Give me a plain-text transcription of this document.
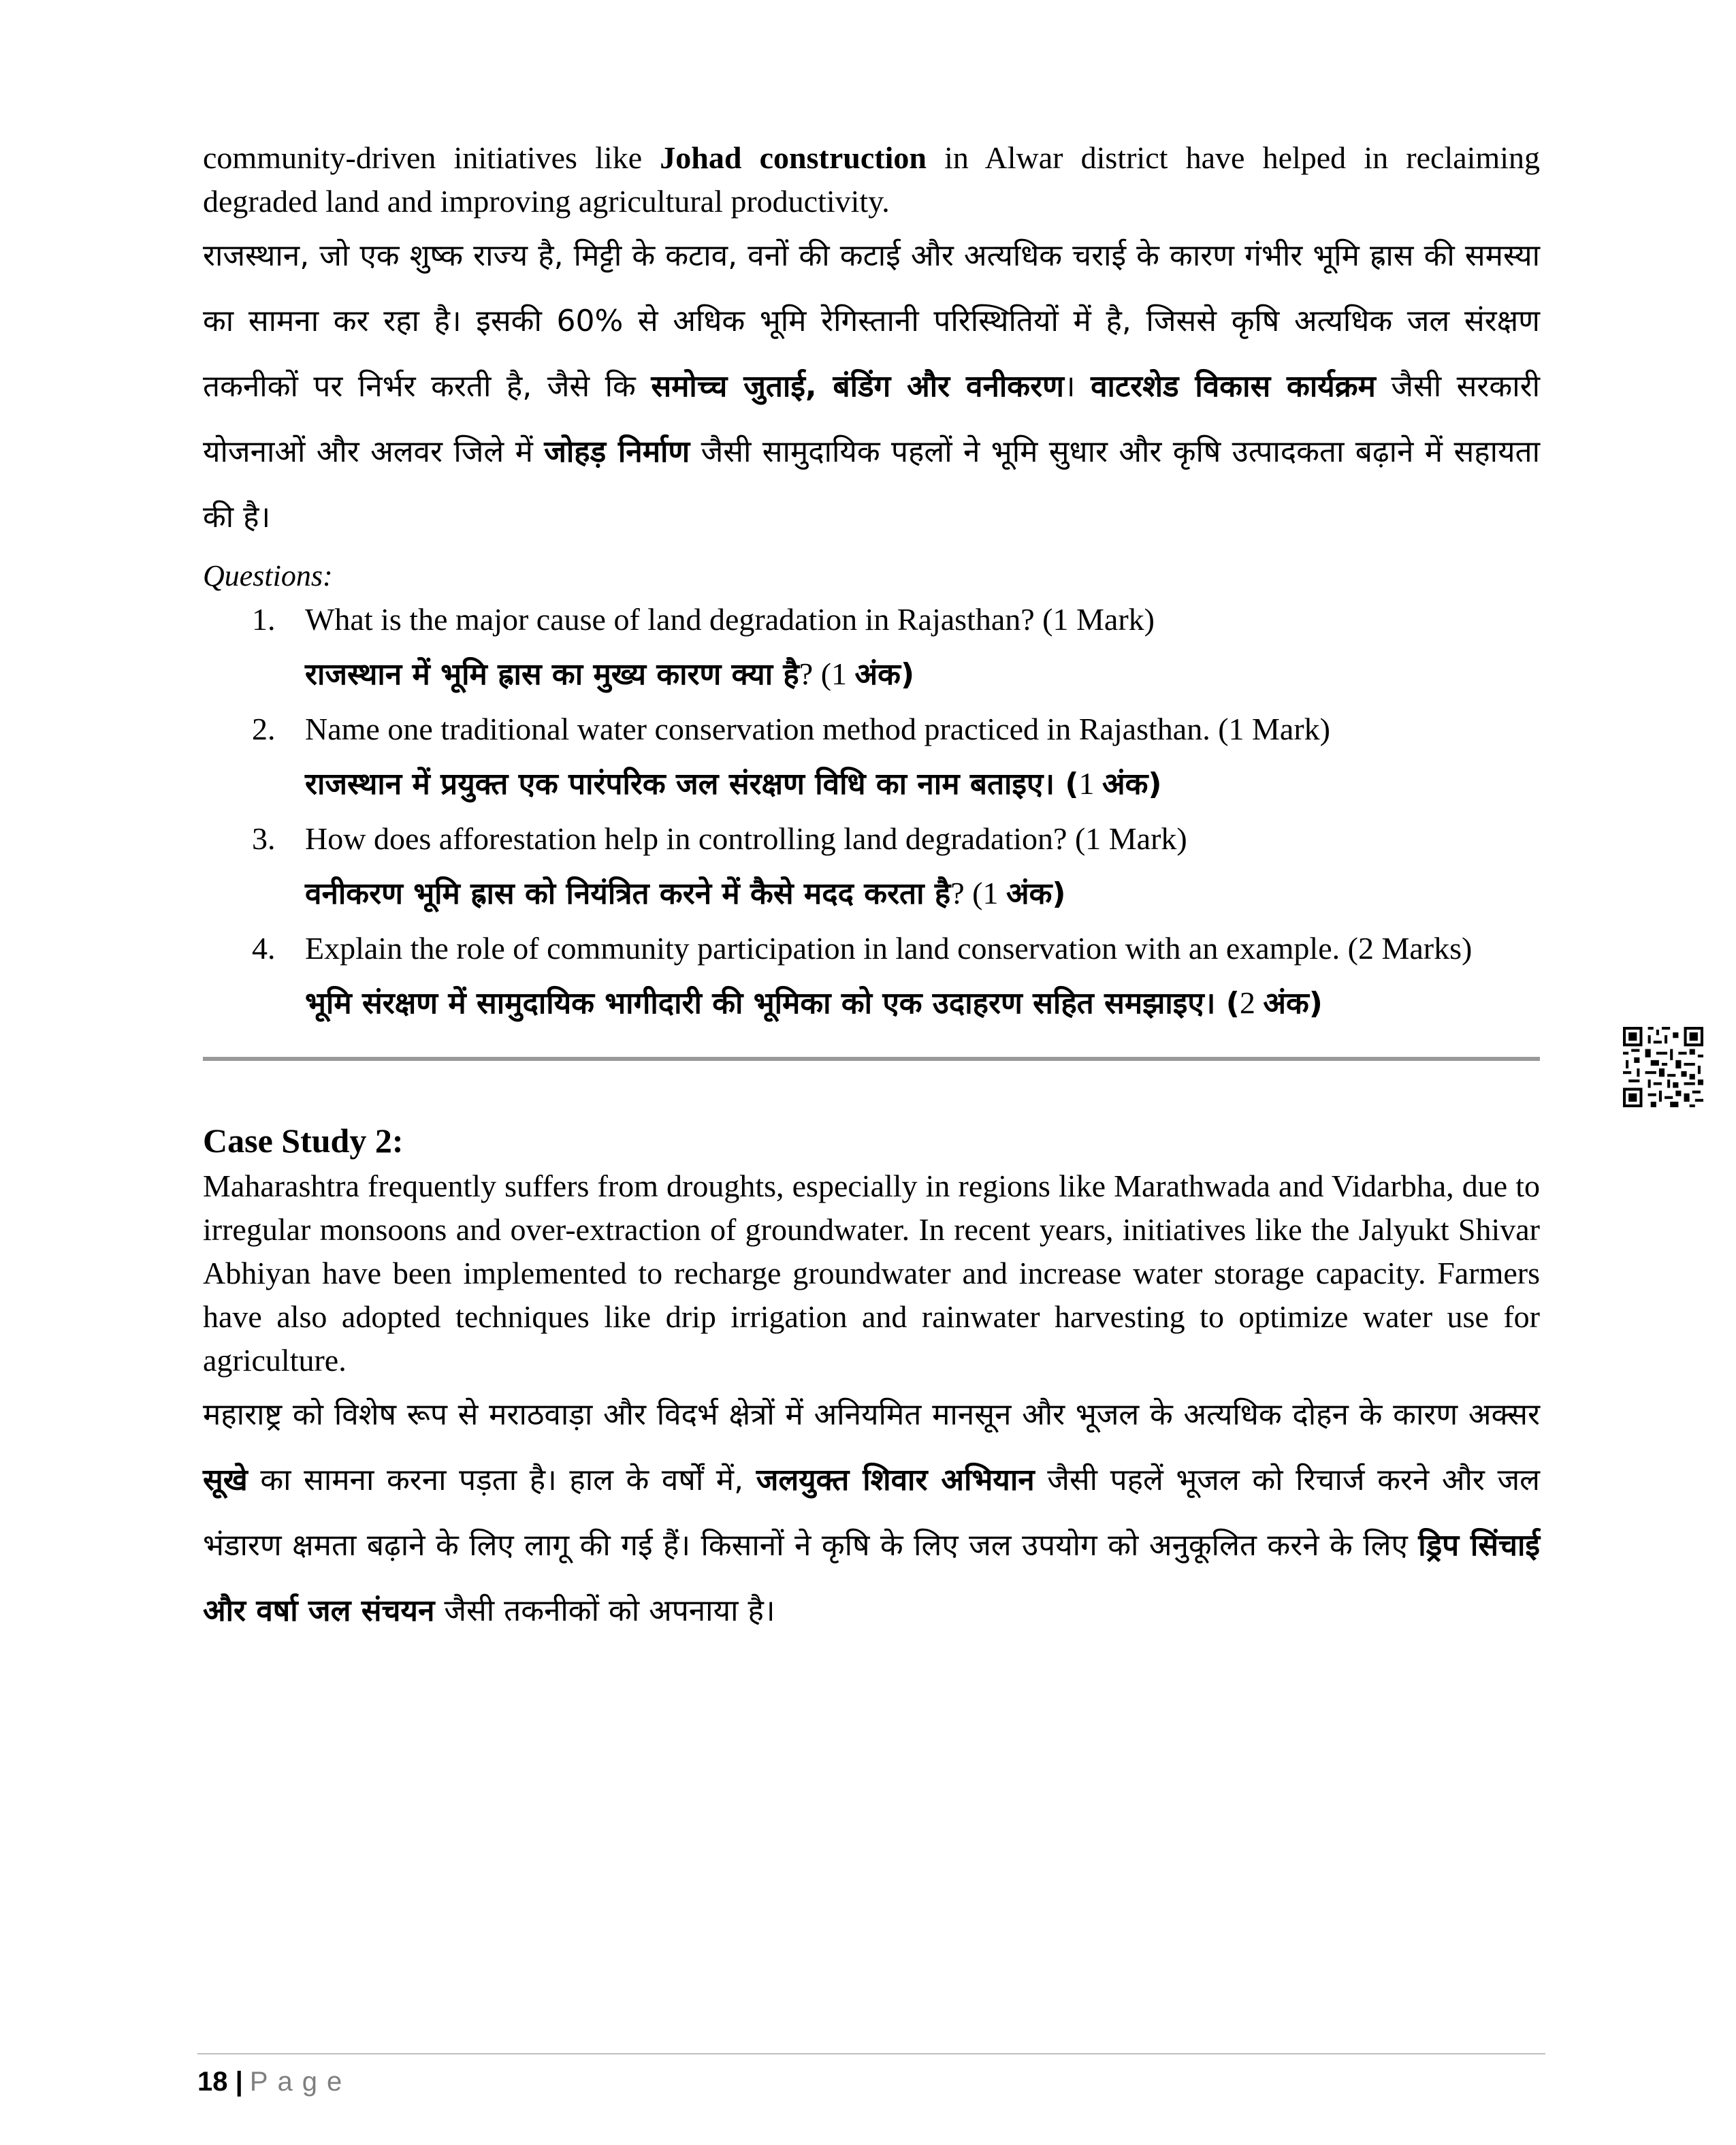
community-driven initiatives like Johad construction in Alwar district have helped in reclaiming degraded land and improving agricultural productivity.

राजस्थान, जो एक शुष्क राज्य है, मिट्टी के कटाव, वनों की कटाई और अत्यधिक चराई के कारण गंभीर भूमि ह्रास की समस्या का सामना कर रहा है। इसकी 60% से अधिक भूमि रेगिस्तानी परिस्थितियों में है, जिससे कृषि अत्यधिक जल संरक्षण तकनीकों पर निर्भर करती है, जैसे कि समोच्च जुताई, बंडिंग और वनीकरण। वाटरशेड विकास कार्यक्रम जैसी सरकारी योजनाओं और अलवर जिले में जोहड़ निर्माण जैसी सामुदायिक पहलों ने भूमि सुधार और कृषि उत्पादकता बढ़ाने में सहायता की है।

Questions:
1. What is the major cause of land degradation in Rajasthan? (1 Mark)

राजस्थान में भूमि ह्रास का मुख्य कारण क्या है? (1 अंक)

2. Name one traditional water conservation method practiced in Rajasthan. (1 Mark)

राजस्थान में प्रयुक्त एक पारंपरिक जल संरक्षण विधि का नाम बताइए। (1 अंक)

3. How does afforestation help in controlling land degradation? (1 Mark)

वनीकरण भूमि ह्रास को नियंत्रित करने में कैसे मदद करता है? (1 अंक)

4. Explain the role of community participation in land conservation with an example. (2 Marks)

भूमि संरक्षण में सामुदायिक भागीदारी की भूमिका को एक उदाहरण सहित समझाइए। (2 अंक)

Case Study 2:

Maharashtra frequently suffers from droughts, especially in regions like Marathwada and Vidarbha, due to irregular monsoons and over-extraction of groundwater. In recent years, initiatives like the Jalyukt Shivar Abhiyan have been implemented to recharge groundwater and increase water storage capacity. Farmers have also adopted techniques like drip irrigation and rainwater harvesting to optimize water use for agriculture.

महाराष्ट्र को विशेष रूप से मराठवाड़ा और विदर्भ क्षेत्रों में अनियमित मानसून और भूजल के अत्यधिक दोहन के कारण अक्सर सूखे का सामना करना पड़ता है। हाल के वर्षों में, जलयुक्त शिवार अभियान जैसी पहलें भूजल को रिचार्ज करने और जल भंडारण क्षमता बढ़ाने के लिए लागू की गई हैं। किसानों ने कृषि के लिए जल उपयोग को अनुकूलित करने के लिए ड्रिप सिंचाई और वर्षा जल संचयन जैसी तकनीकों को अपनाया है।

18 | Page
